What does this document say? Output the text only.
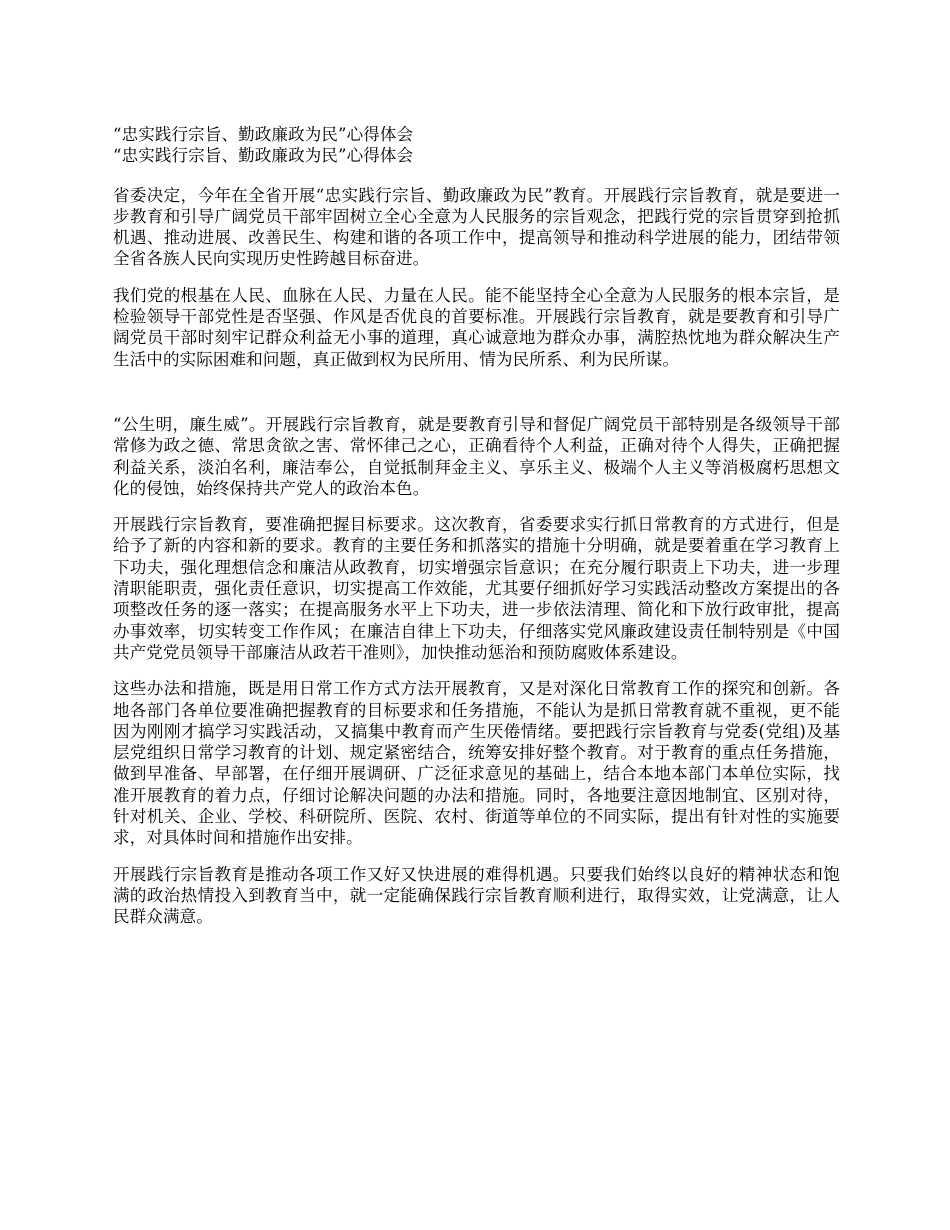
“忠实践行宗旨、勤政廉政为民”心得体会

“忠实践行宗旨、勤政廉政为民”心得体会

省委决定，今年在全省开展“忠实践行宗旨、勤政廉政为民”教育。开展践行宗旨教育，就是要进一步教育和引导广阔党员干部牢固树立全心全意为人民服务的宗旨观念，把践行党的宗旨贯穿到抢抓机遇、推动进展、改善民生、构建和谐的各项工作中，提高领导和推动科学进展的能力，团结带领全省各族人民向实现历史性跨越目标奋进。

我们党的根基在人民、血脉在人民、力量在人民。能不能坚持全心全意为人民服务的根本宗旨，是检验领导干部党性是否坚强、作风是否优良的首要标准。开展践行宗旨教育，就是要教育和引导广阔党员干部时刻牢记群众利益无小事的道理，真心诚意地为群众办事，满腔热忱地为群众解决生产生活中的实际困难和问题，真正做到权为民所用、情为民所系、利为民所谋。

“公生明，廉生威”。开展践行宗旨教育，就是要教育引导和督促广阔党员干部特别是各级领导干部常修为政之德、常思贪欲之害、常怀律己之心，正确看待个人利益，正确对待个人得失，正确把握利益关系，淡泊名利，廉洁奉公，自觉抵制拜金主义、享乐主义、极端个人主义等消极腐朽思想文化的侵蚀，始终保持共产党人的政治本色。

开展践行宗旨教育，要准确把握目标要求。这次教育，省委要求实行抓日常教育的方式进行，但是给予了新的内容和新的要求。教育的主要任务和抓落实的措施十分明确，就是要着重在学习教育上下功夫，强化理想信念和廉洁从政教育，切实增强宗旨意识；在充分履行职责上下功夫，进一步理清职能职责，强化责任意识，切实提高工作效能，尤其要仔细抓好学习实践活动整改方案提出的各项整改任务的逐一落实；在提高服务水平上下功夫，进一步依法清理、简化和下放行政审批，提高办事效率，切实转变工作作风；在廉洁自律上下功夫，仔细落实党风廉政建设责任制特别是《中国共产党党员领导干部廉洁从政若干准则》，加快推动惩治和预防腐败体系建设。

这些办法和措施，既是用日常工作方式方法开展教育，又是对深化日常教育工作的探究和创新。各地各部门各单位要准确把握教育的目标要求和任务措施，不能认为是抓日常教育就不重视，更不能因为刚刚才搞学习实践活动，又搞集中教育而产生厌倦情绪。要把践行宗旨教育与党委(党组)及基层党组织日常学习教育的计划、规定紧密结合，统筹安排好整个教育。对于教育的重点任务措施，做到早准备、早部署，在仔细开展调研、广泛征求意见的基础上，结合本地本部门本单位实际，找准开展教育的着力点，仔细讨论解决问题的办法和措施。同时，各地要注意因地制宜、区别对待，针对机关、企业、学校、科研院所、医院、农村、街道等单位的不同实际，提出有针对性的实施要求，对具体时间和措施作出安排。

开展践行宗旨教育是推动各项工作又好又快进展的难得机遇。只要我们始终以良好的精神状态和饱满的政治热情投入到教育当中，就一定能确保践行宗旨教育顺利进行，取得实效，让党满意，让人民群众满意。
